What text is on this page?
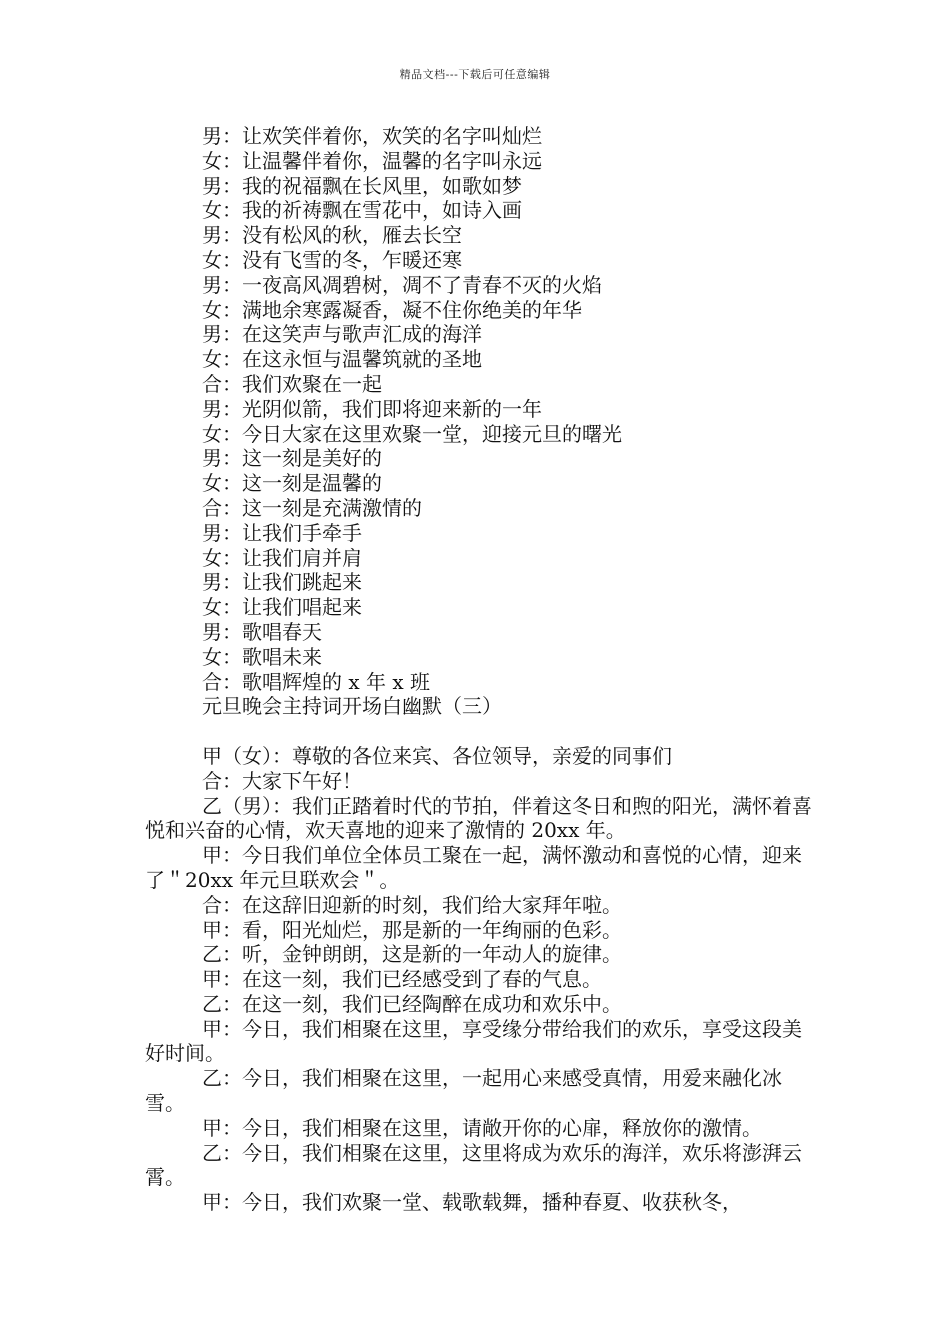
精品文档---下载后可任意编辑
男：让欢笑伴着你，欢笑的名字叫灿烂
女：让温馨伴着你，温馨的名字叫永远
男：我的祝福飘在长风里，如歌如梦
女：我的祈祷飘在雪花中，如诗入画
男：没有松风的秋，雁去长空
女：没有飞雪的冬，乍暖还寒
男：一夜高风凋碧树，凋不了青春不灭的火焰
女：满地余寒露凝香，凝不住你绝美的年华
男：在这笑声与歌声汇成的海洋
女：在这永恒与温馨筑就的圣地
合：我们欢聚在一起
男：光阴似箭，我们即将迎来新的一年
女：今日大家在这里欢聚一堂，迎接元旦的曙光
男：这一刻是美好的
女：这一刻是温馨的
合：这一刻是充满激情的
男：让我们手牵手
女：让我们肩并肩
男：让我们跳起来
女：让我们唱起来
男：歌唱春天
女：歌唱未来
合：歌唱辉煌的 x 年 x 班
元旦晚会主持词开场白幽默（三）
甲（女）：尊敬的各位来宾、各位领导，亲爱的同事们
合：大家下午好！
乙（男）：我们正踏着时代的节拍，伴着这冬日和煦的阳光，满怀着喜悦和兴奋的心情，欢天喜地的迎来了激情的 20xx 年。
甲：今日我们单位全体员工聚在一起，满怀激动和喜悦的心情，迎来了＂20xx 年元旦联欢会＂。
合：在这辞旧迎新的时刻，我们给大家拜年啦。
甲：看，阳光灿烂，那是新的一年绚丽的色彩。
乙：听，金钟朗朗，这是新的一年动人的旋律。
甲：在这一刻，我们已经感受到了春的气息。
乙：在这一刻，我们已经陶醉在成功和欢乐中。
甲：今日，我们相聚在这里，享受缘分带给我们的欢乐，享受这段美好时间。
乙：今日，我们相聚在这里，一起用心来感受真情，用爱来融化冰雪。
甲：今日，我们相聚在这里，请敞开你的心扉，释放你的激情。
乙：今日，我们相聚在这里，这里将成为欢乐的海洋，欢乐将澎湃云霄。
甲：今日，我们欢聚一堂、载歌载舞，播种春夏、收获秋冬，
